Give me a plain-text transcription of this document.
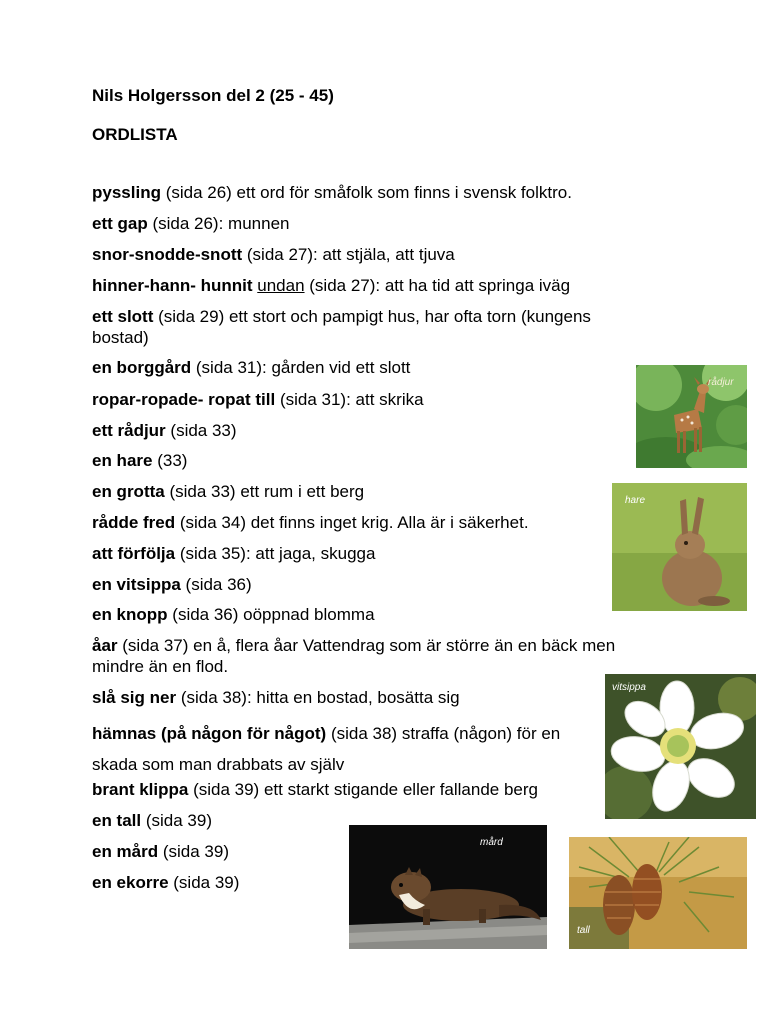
Nils Holgersson del 2 (25 - 45)

ORDLISTA

pyssling (sida 26) ett ord för småfolk som finns i svensk folktro.

ett gap (sida 26): munnen

snor-snodde-snott (sida 27): att stjäla, att tjuva

hinner-hann- hunnit undan (sida 27): att ha tid att springa iväg

ett slott (sida 29) ett stort och pampigt hus, har ofta torn (kungens bostad)

en borggård (sida 31): gården vid ett slott

ropar-ropade- ropat till (sida 31): att skrika

ett rådjur (sida 33)

en hare (33)

en grotta (sida 33) ett rum i ett berg

rådde fred (sida 34) det finns inget krig. Alla är i säkerhet.

att förfölja (sida 35): att jaga, skugga

en vitsippa (sida 36)

en knopp (sida 36) oöppnad blomma

åar (sida 37) en å, flera åar Vattendrag som är större än en bäck men mindre än en flod.

slå sig ner (sida 38): hitta en bostad, bosätta sig

hämnas (på någon för något) (sida 38) straffa (någon) för en skada som man drabbats av själv

brant klippa (sida 39) ett starkt stigande eller fallande berg

en tall (sida 39)

en mård (sida 39)

en ekorre (sida 39)

rådjur
hare
vitsippa
mård
tall
